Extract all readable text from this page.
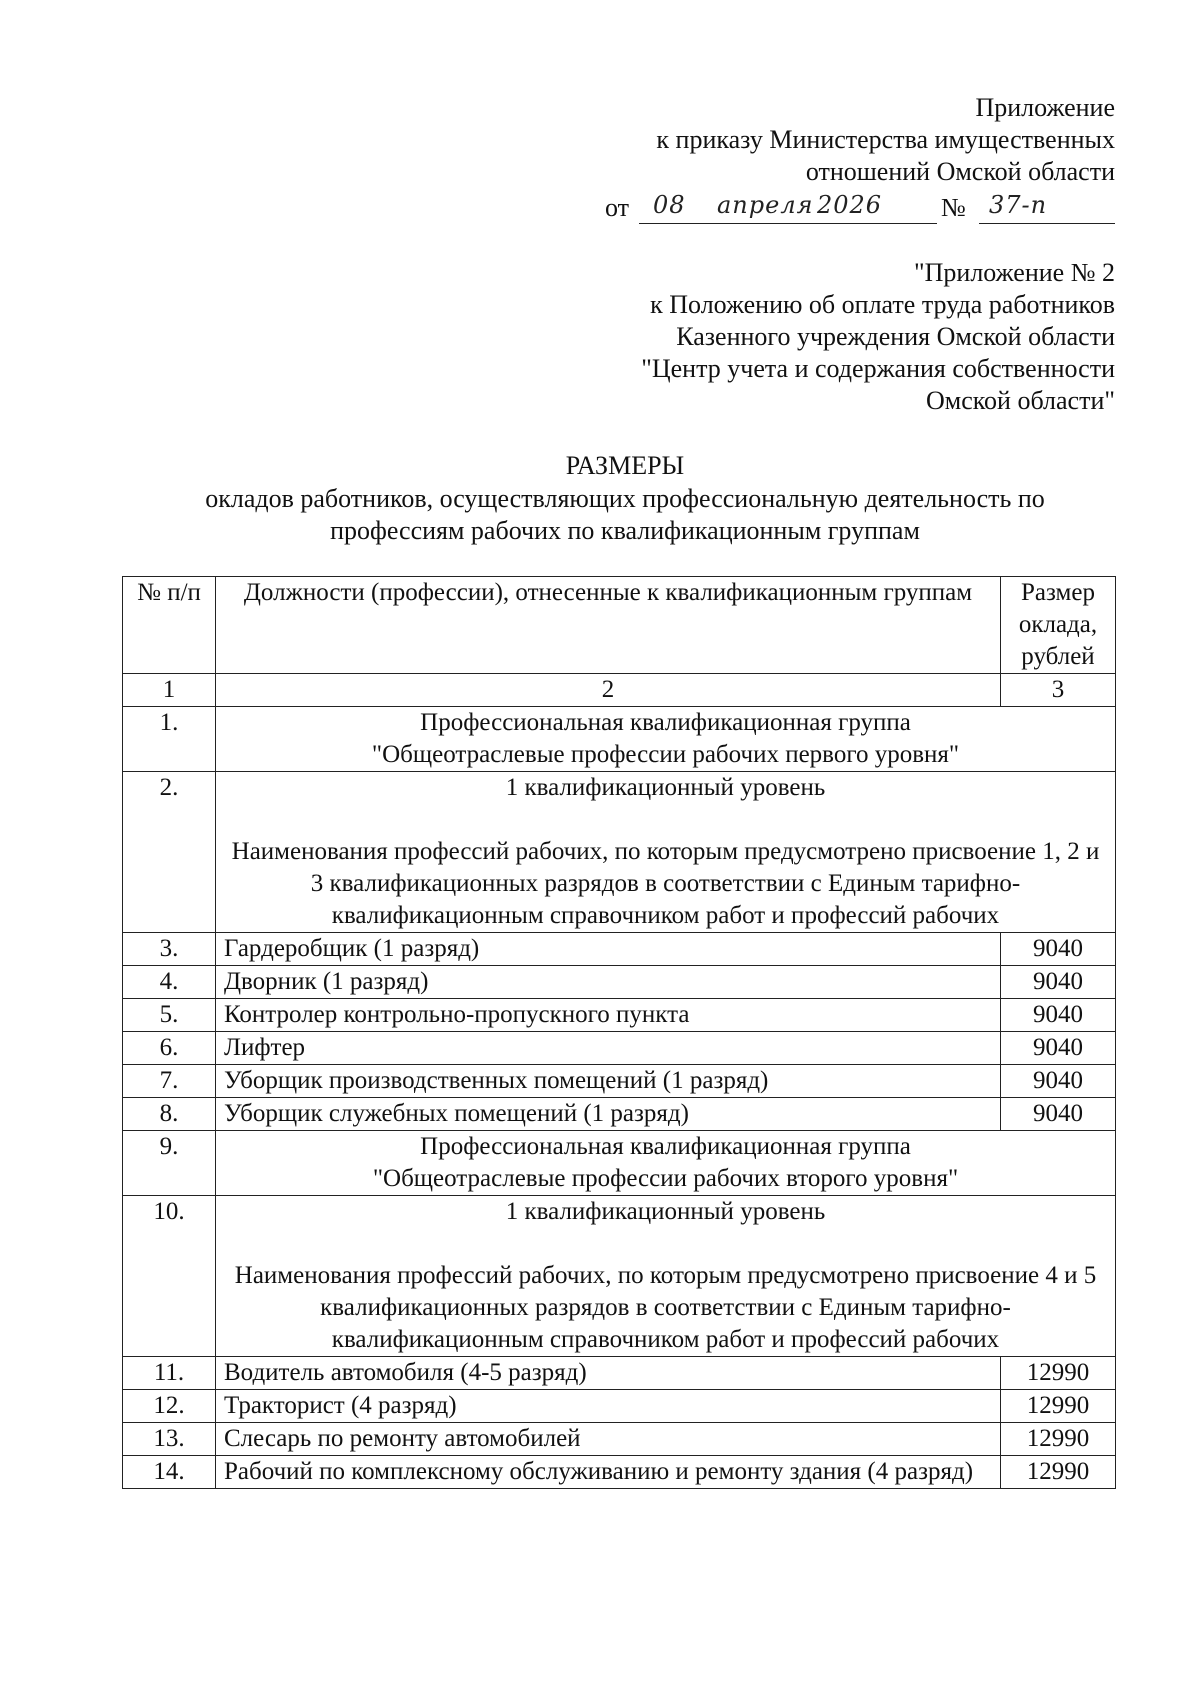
Приложение
к приказу Министерства имущественных
отношений Омской области
от 08 апреля 2026 № 37-п
"Приложение № 2
к Положению об оплате труда работников
Казенного учреждения Омской области
"Центр учета и содержания собственности
Омской области"
РАЗМЕРЫ
окладов работников, осуществляющих профессиональную деятельность по
профессиям рабочих по квалификационным группам
№ п/п	Должности (профессии), отнесенные к квалификационным группам	Размер оклада, рублей
1	2	3
1.	Профессиональная квалификационная группа
"Общеотраслевые профессии рабочих первого уровня"	

2.	1 квалификационный уровень
Наименования профессий рабочих, по которым предусмотрено присвоение 1, 2 и 3 квалификационных разрядов в соответствии с Единым тарифно-квалификационным справочником работ и профессий рабочих	

3.	Гардеробщик (1 разряд)	9040
4.	Дворник (1 разряд)	9040
5.	Контролер контрольно-пропускного пункта	9040
6.	Лифтер	9040
7.	Уборщик производственных помещений (1 разряд)	9040
8.	Уборщик служебных помещений (1 разряд)	9040
9.	Профессиональная квалификационная группа
"Общеотраслевые профессии рабочих второго уровня"	

10.	1 квалификационный уровень
Наименования профессий рабочих, по которым предусмотрено присвоение 4 и 5 квалификационных разрядов в соответствии с Единым тарифно-квалификационным справочником работ и профессий рабочих	

11.	Водитель автомобиля (4-5 разряд)	12990
12.	Тракторист (4 разряд)	12990
13.	Слесарь по ремонту автомобилей	12990
14.	Рабочий по комплексному обслуживанию и ремонту здания (4 разряд)	12990
